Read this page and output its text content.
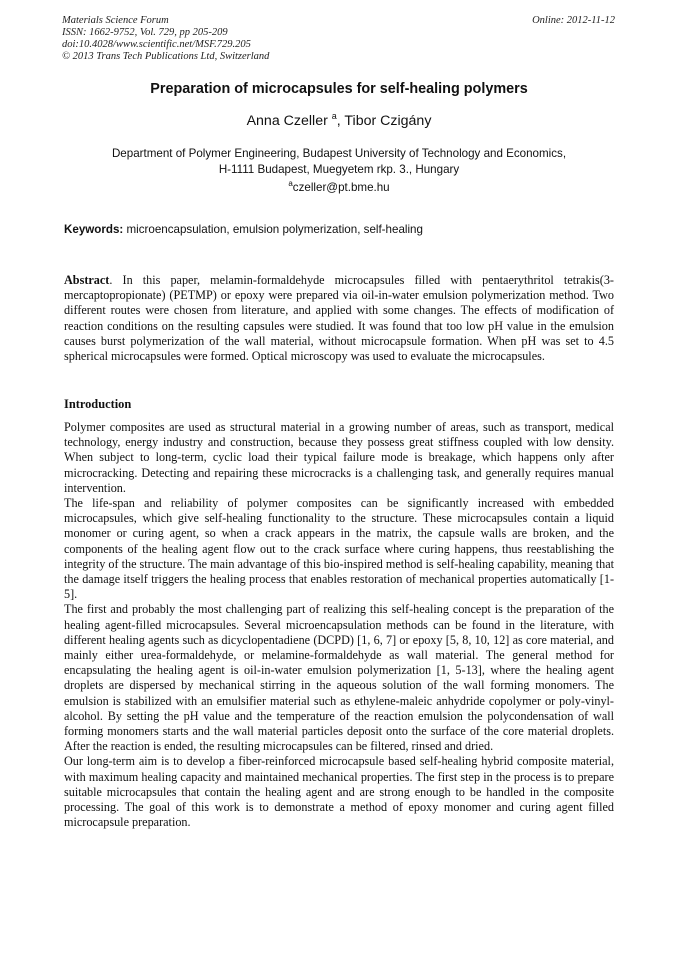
Materials Science Forum
ISSN: 1662-9752, Vol. 729, pp 205-209
doi:10.4028/www.scientific.net/MSF.729.205
© 2013 Trans Tech Publications Ltd, Switzerland
Online: 2012-11-12
Preparation of microcapsules for self-healing polymers
Anna Czeller $^a$, Tibor Czigány
Department of Polymer Engineering, Budapest University of Technology and Economics,
H-1111 Budapest, Muegyetem rkp. 3., Hungary
$^a$czeller@pt.bme.hu
Keywords: microencapsulation, emulsion polymerization, self-healing

Abstract. In this paper, melamin-formaldehyde microcapsules filled with pentaerythritol tetrakis(3-mercaptopropionate) (PETMP) or epoxy were prepared via oil-in-water emulsion polymerization method. Two different routes were chosen from literature, and applied with some changes. The effects of modification of reaction conditions on the resulting capsules were studied. It was found that too low pH value in the emulsion causes burst polymerization of the wall material, without microcapsule formation. When pH was set to 4.5 spherical microcapsules were formed. Optical microscopy was used to evaluate the microcapsules.

Introduction

Polymer composites are used as structural material in a growing number of areas, such as transport, medical technology, energy industry and construction, because they possess great stiffness coupled with low density. When subject to long-term, cyclic load their typical failure mode is breakage, which happens only after microcracking. Detecting and repairing these microcracks is a challenging task, and generally requires manual intervention.

The life-span and reliability of polymer composites can be significantly increased with embedded microcapsules, which give self-healing functionality to the structure. These microcapsules contain a liquid monomer or curing agent, so when a crack appears in the matrix, the capsule walls are broken, and the components of the healing agent flow out to the crack surface where curing happens, thus reestablishing the integrity of the structure. The main advantage of this bio-inspired method is self-healing capability, meaning that the damage itself triggers the healing process that enables restoration of mechanical properties automatically [1-5].

The first and probably the most challenging part of realizing this self-healing concept is the preparation of the healing agent-filled microcapsules. Several microencapsulation methods can be found in the literature, with different healing agents such as dicyclopentadiene (DCPD) [1, 6, 7] or epoxy [5, 8, 10, 12] as core material, and mainly either urea-formaldehyde, or melamine-formaldehyde as wall material. The general method for encapsulating the healing agent is oil-in-water emulsion polymerization [1, 5-13], where the healing agent droplets are dispersed by mechanical stirring in the aqueous solution of the wall forming monomers. The emulsion is stabilized with an emulsifier material such as ethylene-maleic anhydride copolymer or poly-vinyl-alcohol. By setting the pH value and the temperature of the reaction emulsion the polycondensation of wall forming monomers starts and the wall material particles deposit onto the surface of the core material droplets. After the reaction is ended, the resulting microcapsules can be filtered, rinsed and dried.

Our long-term aim is to develop a fiber-reinforced microcapsule based self-healing hybrid composite material, with maximum healing capacity and maintained mechanical properties. The first step in the process is to prepare suitable microcapsules that contain the healing agent and are strong enough to be handled in the composite processing. The goal of this work is to demonstrate a method of epoxy monomer and curing agent filled microcapsule preparation.
